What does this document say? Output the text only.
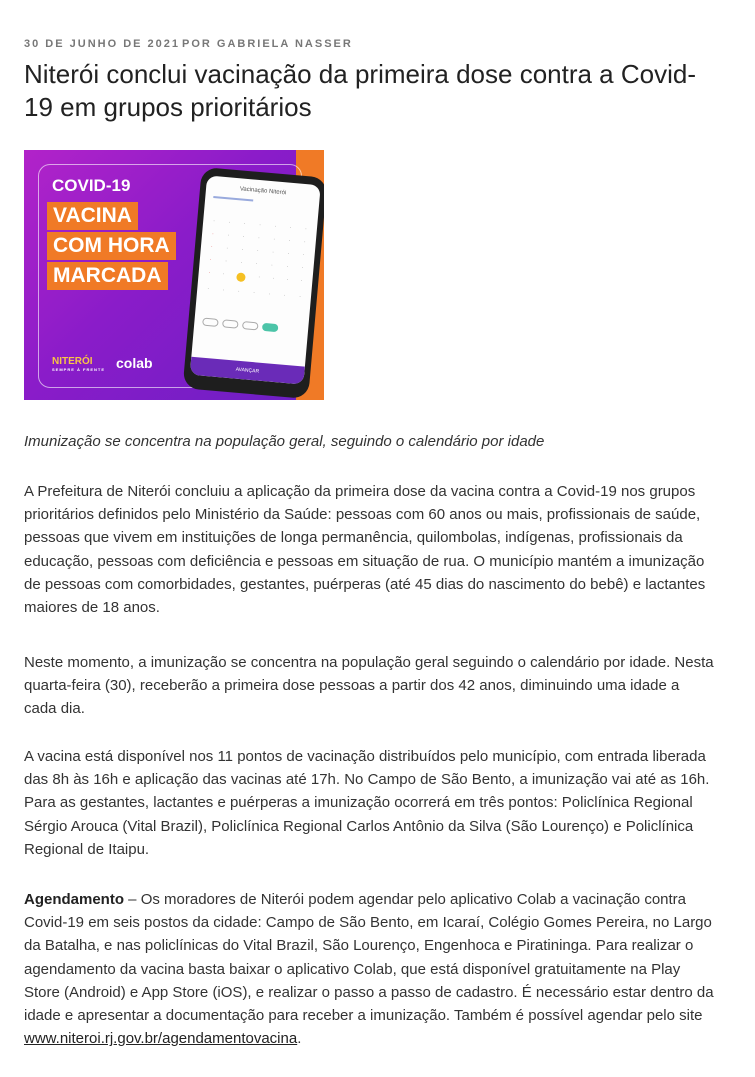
30 DE JUNHO DE 2021 POR GABRIELA NASSER
Niterói conclui vacinação da primeira dose contra a Covid-19 em grupos prioritários
COVID-19
VACINA
COM HORA
MARCADA
NITERÓI
SEMPRE À FRENTE colab
Vacinação Niterói
·	·	·	·	·	·	·
·	·	·	·	·	·	·
·	·	·	·	·	·	·
·	·	·	·	·	·	·
· ·
· · · ·
·	·	·	·	·	·	·
AVANÇAR
Imunização se concentra na população geral, seguindo o calendário por idade

A Prefeitura de Niterói concluiu a aplicação da primeira dose da vacina contra a Covid-19 nos grupos prioritários definidos pelo Ministério da Saúde: pessoas com 60 anos ou mais, profissionais de saúde, pessoas que vivem em instituições de longa permanência, quilombolas, indígenas, profissionais da educação, pessoas com deficiência e pessoas em situação de rua. O município mantém a imunização de pessoas com comorbidades, gestantes, puérperas (até 45 dias do nascimento do bebê) e lactantes maiores de 18 anos.

Neste momento, a imunização se concentra na população geral seguindo o calendário por idade. Nesta quarta-feira (30), receberão a primeira dose pessoas a partir dos 42 anos, diminuindo uma idade a cada dia.

A vacina está disponível nos 11 pontos de vacinação distribuídos pelo município, com entrada liberada das 8h às 16h e aplicação das vacinas até 17h. No Campo de São Bento, a imunização vai até as 16h. Para as gestantes, lactantes e puérperas a imunização ocorrerá em três pontos: Policlínica Regional Sérgio Arouca (Vital Brazil), Policlínica Regional Carlos Antônio da Silva (São Lourenço) e Policlínica Regional de Itaipu.

Agendamento – Os moradores de Niterói podem agendar pelo aplicativo Colab a vacinação contra Covid-19 em seis postos da cidade: Campo de São Bento, em Icaraí, Colégio Gomes Pereira, no Largo da Batalha, e nas policlínicas do Vital Brazil, São Lourenço, Engenhoca e Piratininga. Para realizar o agendamento da vacina basta baixar o aplicativo Colab, que está disponível gratuitamente na Play Store (Android) e App Store (iOS), e realizar o passo a passo de cadastro. É necessário estar dentro da idade e apresentar a documentação para receber a imunização. Também é possível agendar pelo site www.niteroi.rj.gov.br/agendamentovacina.
